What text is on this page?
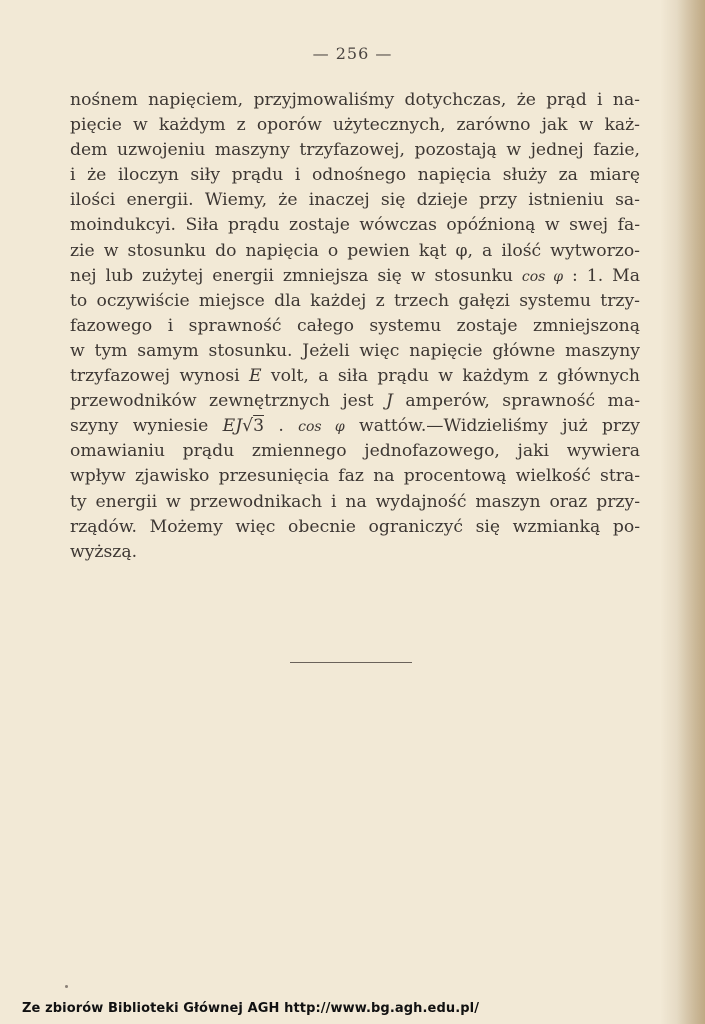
— 256 —
nośnem napięciem, przyjmowaliśmy dotychczas, że prąd i na-
pięcie w każdym z oporów użytecznych, zarówno jak w każ-
dem uzwojeniu maszyny trzyfazowej, pozostają w jednej fazie,
i że iloczyn siły prądu i odnośnego napięcia służy za miarę
ilości energii. Wiemy, że inaczej się dzieje przy istnieniu sa-
moindukcyi. Siła prądu zostaje wówczas opóźnioną w swej fa-
zie w stosunku do napięcia o pewien kąt φ, a ilość wytworzo-
nej lub zużytej energii zmniejsza się w stosunku cos φ : 1. Ma
to oczywiście miejsce dla każdej z trzech gałęzi systemu trzy-
fazowego i sprawność całego systemu zostaje zmniejszoną
w tym samym stosunku. Jeżeli więc napięcie główne maszyny
trzyfazowej wynosi E volt, a siła prądu w każdym z głównych
przewodników zewnętrznych jest J amperów, sprawność ma-
szyny wyniesie EJ√3 . cos φ wattów.—Widzieliśmy już przy
omawianiu prądu zmiennego jednofazowego, jaki wywiera
wpływ zjawisko przesunięcia faz na procentową wielkość stra-
ty energii w przewodnikach i na wydajność maszyn oraz przy-
rządów. Możemy więc obecnie ograniczyć się wzmianką po-
wyższą.
Ze zbiorów Biblioteki Głównej AGH http://www.bg.agh.edu.pl/
